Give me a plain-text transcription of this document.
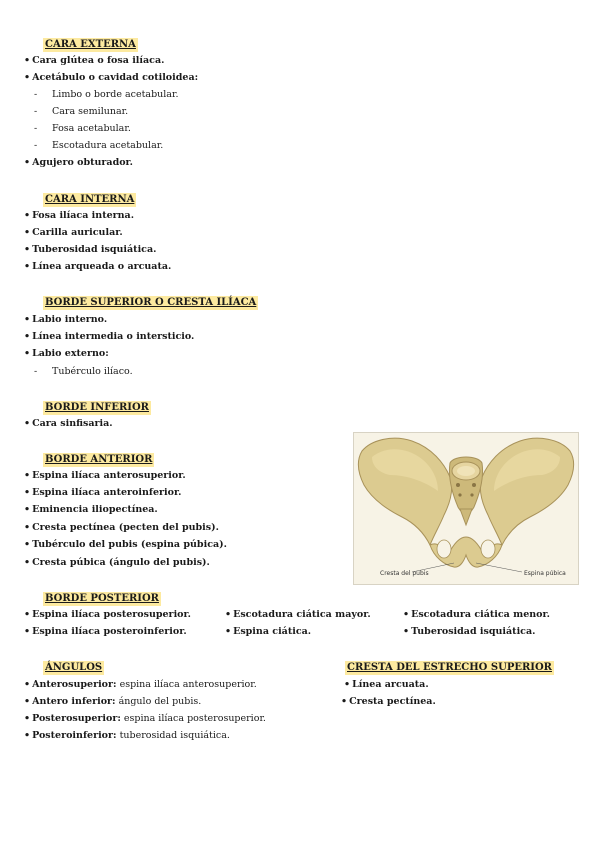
CARA EXTERNA
• Cara glútea o fosa ilíaca.
• Acetábulo o cavidad cotiloidea:
- Limbo o borde acetabular.
- Cara semilunar.
- Fosa acetabular.
- Escotadura acetabular.
• Agujero obturador.
CARA INTERNA
• Fosa ilíaca interna.
• Carilla auricular.
• Tuberosidad isquiática.
• Línea arqueada o arcuata.
BORDE SUPERIOR O CRESTA ILÍACA
• Labio interno.
• Línea intermedia o intersticio.
• Labio externo:
- Tubérculo ilíaco.
BORDE INFERIOR
• Cara sinfisaria.
BORDE ANTERIOR
• Espina ilíaca anterosuperior.
• Espina ilíaca anteroinferior.
• Eminencia iliopectínea.
• Cresta pectínea (pecten del pubis).
• Tubérculo del pubis (espina púbica).
• Cresta púbica (ángulo del pubis).
Cresta del pubis	Espina púbica
BORDE POSTERIOR
• Espina ilíaca posterosuperior.
• Espina ilíaca posteroinferior.
• Escotadura ciática mayor.
• Espina ciática.
• Escotadura ciática menor.
• Tuberosidad isquiática.
ÁNGULOS
• Anterosuperior: espina ilíaca anterosuperior.
• Antero inferior: ángulo del pubis.
• Posterosuperior: espina ilíaca posterosuperior.
• Posteroinferior: tuberosidad isquiática.
CRESTA DEL ESTRECHO SUPERIOR
• Línea arcuata.
• Cresta pectínea.
